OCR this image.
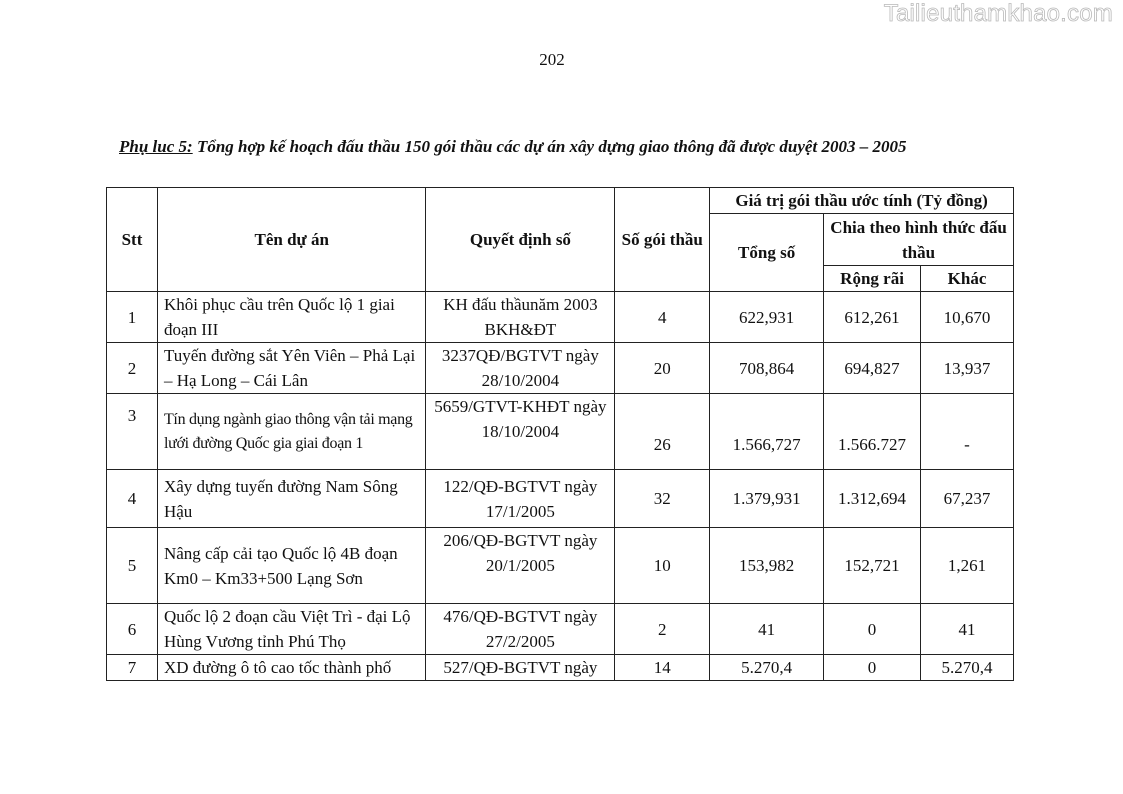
Tailieuthamkhao.com
202
Phụ luc 5: Tổng hợp kế hoạch đấu thầu 150 gói thầu các dự án xây dựng giao thông đã được duyệt 2003 – 2005
Stt	Tên dự án	Quyết định số	Số gói thầu	Giá trị gói thầu ước tính (Tỷ đồng)		
				Tổng số	Chia theo hình thức đấu thầu	
					Rộng rãi	Khác
1	Khôi phục cầu trên Quốc lộ 1 giai đoạn III	KH đấu thầunăm 2003 BKH&ĐT	4	622,931	612,261	10,670
2	Tuyến đường sắt Yên Viên – Phả Lại – Hạ Long – Cái Lân	3237QĐ/BGTVT ngày 28/10/2004	20	708,864	694,827	13,937
3	Tín dụng ngành giao thông vận tải mạng lưới đường Quốc gia giai đoạn 1	5659/GTVT-KHĐT ngày 18/10/2004	26	1.566,727	1.566.727	-
4	Xây dựng tuyến đường Nam Sông Hậu	122/QĐ-BGTVT ngày 17/1/2005	32	1.379,931	1.312,694	67,237
5	Nâng cấp cải tạo Quốc lộ 4B đoạn Km0 – Km33+500 Lạng Sơn	206/QĐ-BGTVT ngày 20/1/2005	10	153,982	152,721	1,261
6	Quốc lộ 2 đoạn cầu Việt Trì - đại Lộ Hùng Vương tỉnh Phú Thọ	476/QĐ-BGTVT ngày 27/2/2005	2	41	0	41
7	XD đường ô tô cao tốc thành phố	527/QĐ-BGTVT ngày	14	5.270,4	0	5.270,4
